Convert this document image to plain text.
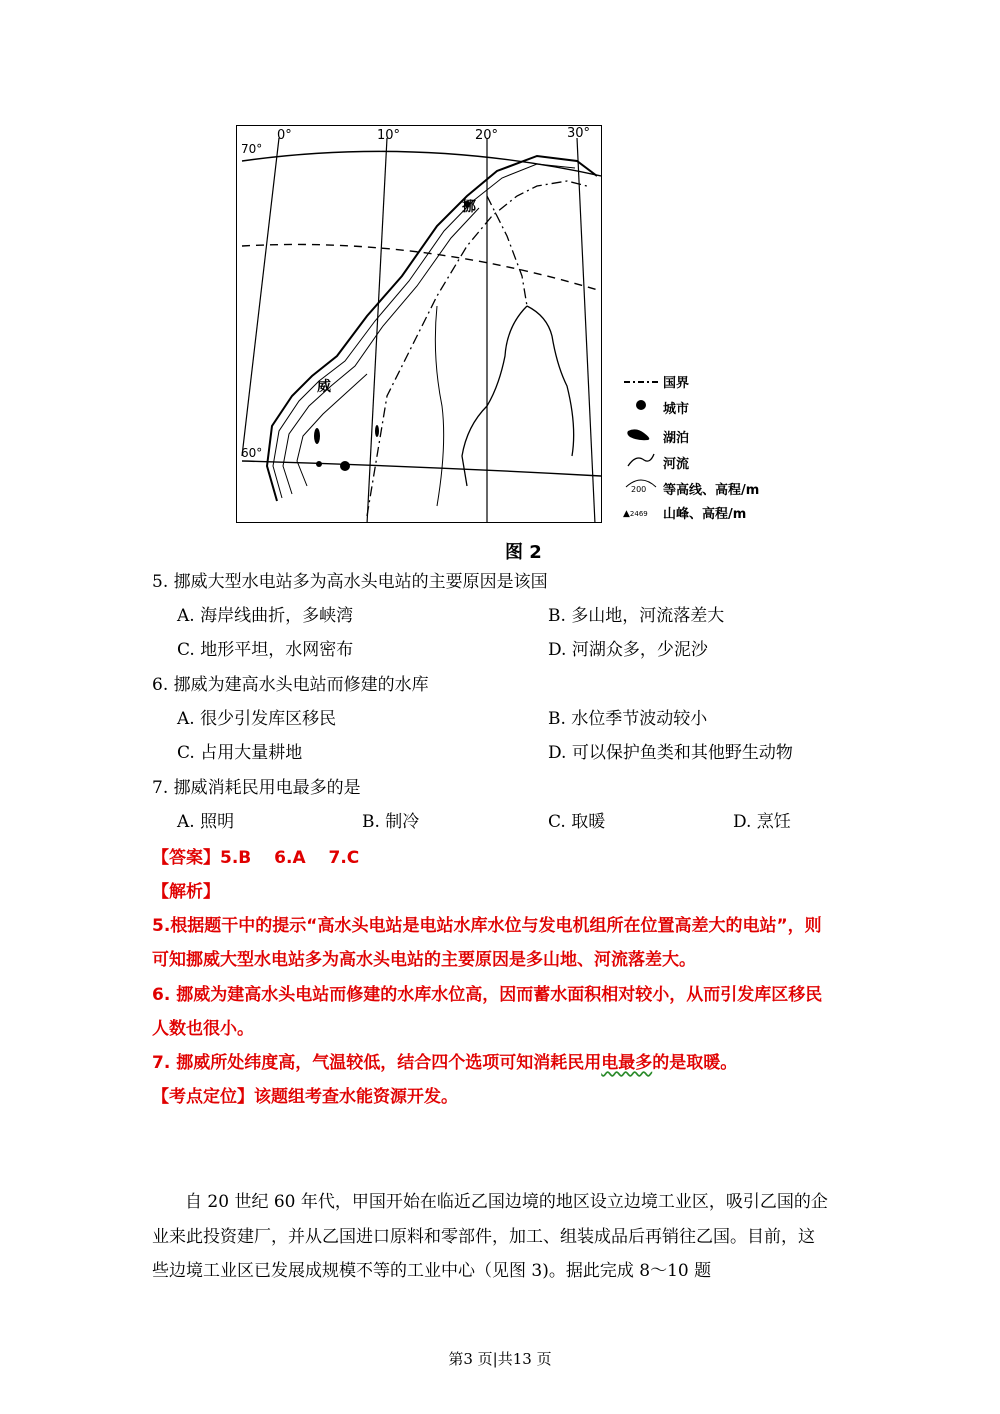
0°	10°	20°	30°
70°
60°
挪
威	国界
城市
湖泊
河流
200 等高线、高程/m
▲2469	山峰、高程/m
图 2
5. 挪威大型水电站多为高水头电站的主要原因是该国
A. 海岸线曲折，多峡湾	B. 多山地，河流落差大
C. 地形平坦，水网密布	D. 河湖众多，少泥沙
6. 挪威为建高水头电站而修建的水库
A. 很少引发库区移民	B. 水位季节波动较小
C. 占用大量耕地	D. 可以保护鱼类和其他野生动物
7. 挪威消耗民用电最多的是
A. 照明	B. 制冷	C. 取暖	D. 烹饪
【答案】5.B　 6.A　 7.C
【解析】
5.根据题干中的提示“高水头电站是电站水库水位与发电机组所在位置高差大的电站”，则
可知挪威大型水电站多为高水头电站的主要原因是多山地、河流落差大。
6. 挪威为建高水头电站而修建的水库水位高，因而蓄水面积相对较小，从而引发库区移民
人数也很小。
7. 挪威所处纬度高，气温较低，结合四个选项可知消耗民用电最多的是取暖。
【考点定位】该题组考查水能资源开发。
自 20 世纪 60 年代，甲国开始在临近乙国边境的地区设立边境工业区，吸引乙国的企
业来此投资建厂，并从乙国进口原料和零部件，加工、组装成品后再销往乙国。目前，这
些边境工业区已发展成规模不等的工业中心（见图 3)。据此完成 8～10 题
第3 页|共13 页
